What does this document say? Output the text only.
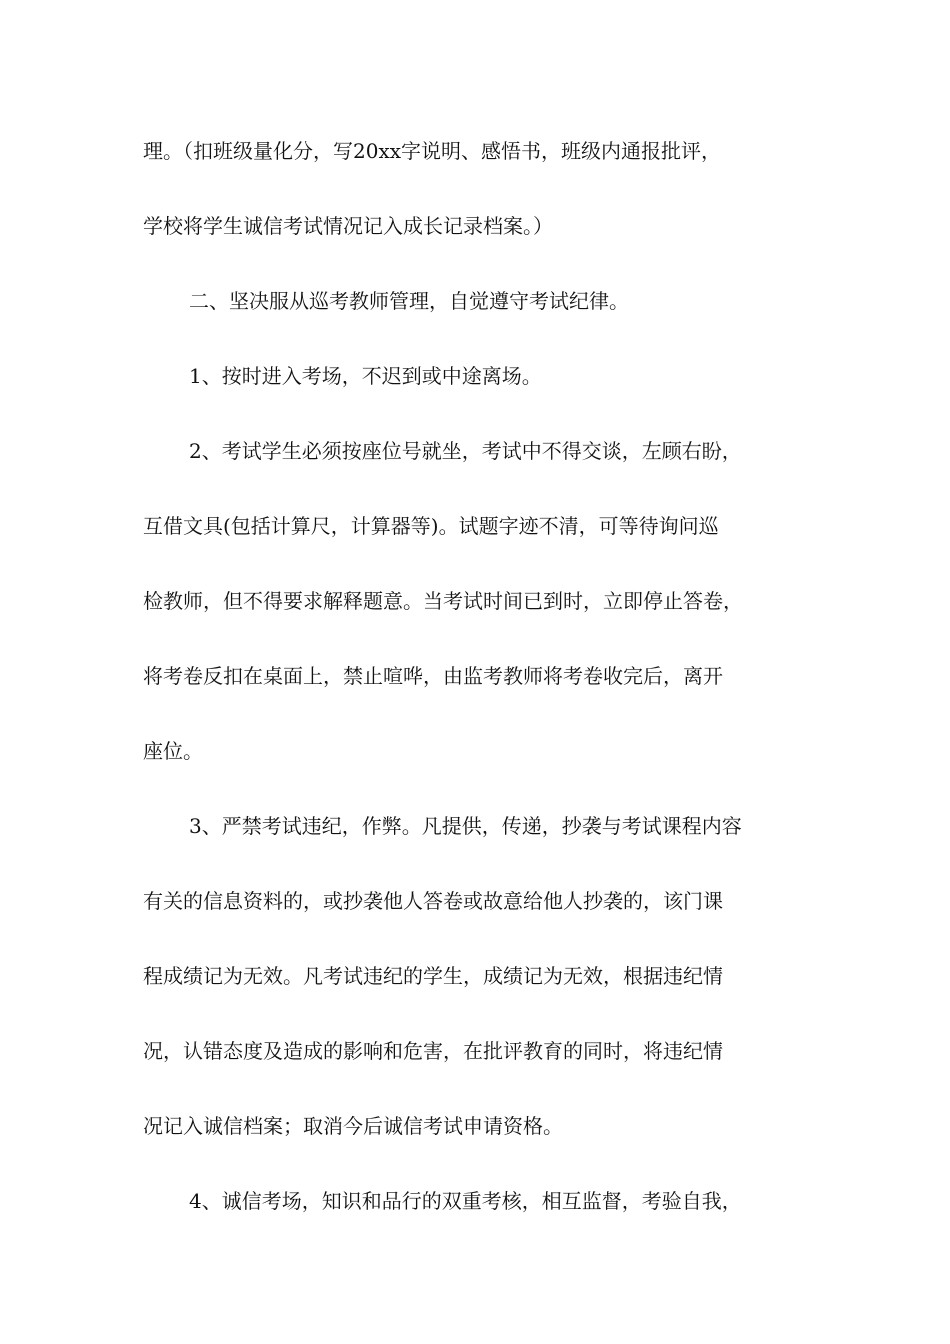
理。（扣班级量化分，写20xx字说明、感悟书，班级内通报批评，
学校将学生诚信考试情况记入成长记录档案。）
二、坚决服从巡考教师管理，自觉遵守考试纪律。
1、按时进入考场，不迟到或中途离场。
2、考试学生必须按座位号就坐，考试中不得交谈，左顾右盼，
互借文具(包括计算尺，计算器等)。试题字迹不清，可等待询问巡
检教师，但不得要求解释题意。当考试时间已到时，立即停止答卷，
将考卷反扣在桌面上，禁止喧哗，由监考教师将考卷收完后，离开
座位。
3、严禁考试违纪，作弊。凡提供，传递，抄袭与考试课程内容
有关的信息资料的，或抄袭他人答卷或故意给他人抄袭的，该门课
程成绩记为无效。凡考试违纪的学生，成绩记为无效，根据违纪情
况，认错态度及造成的影响和危害，在批评教育的同时，将违纪情
况记入诚信档案；取消今后诚信考试申请资格。
4、诚信考场，知识和品行的双重考核，相互监督，考验自我，
